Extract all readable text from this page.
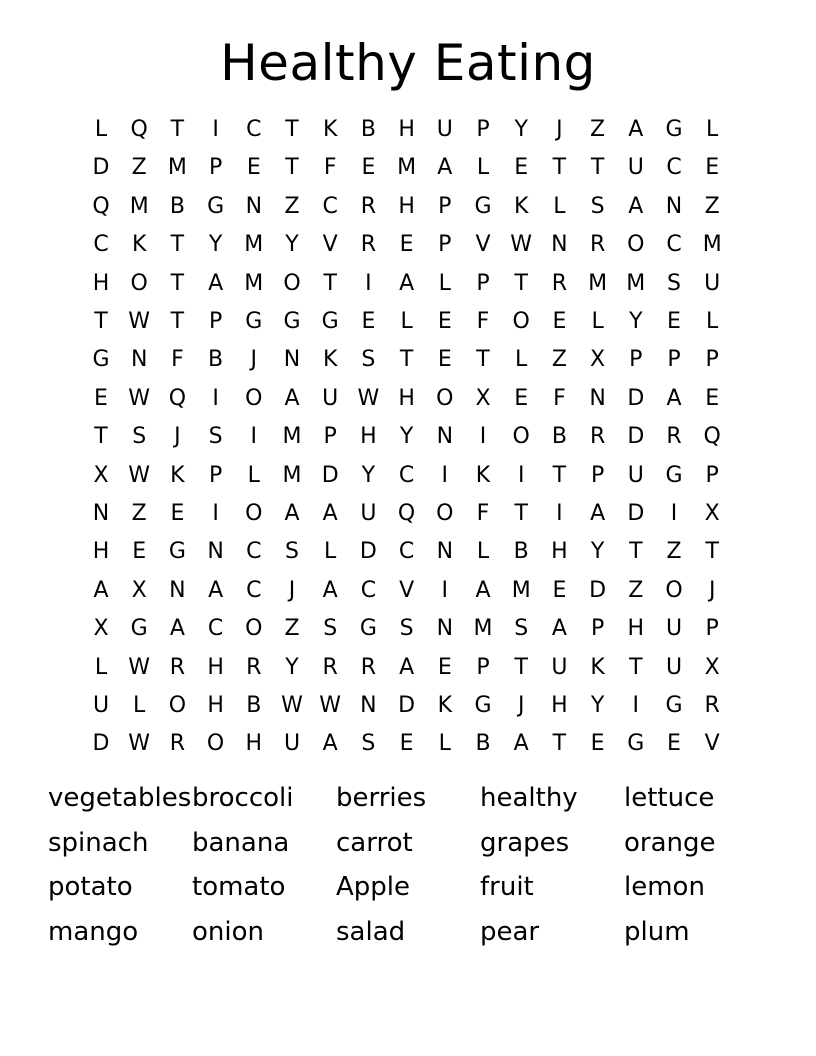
Healthy Eating
L	Q	T	I	C	T	K	B	H U	P	Y	J	Z	A	G	L
D	Z M	P	E	T	F	E M A	L	E	T	T	U	C	E
Q M B	G N	Z	C	R	H	P	G	K	L	S	A	N	Z
C	K	T	Y M Y	V	R	E	P	V W N	R O C M
H O	T	A M O	T	I	A	L	P	T	R M M S	U
T W T	P	G G G	E	L	E	F	O	E	L	Y	E	L
G N	F	B	J	N	K	S	T	E	T	L	Z	X	P	P	P
E W Q	I	O	A	U W H O	X	E	F	N D	A	E
T	S	J	S	I	M	P	H	Y	N	I	O	B	R	D	R Q
X W K	P	L	M D	Y	C	I	K	I	T	P	U G	P
N	Z	E	I	O	A	A	U Q O	F	T	I	A	D	I	X
H	E	G N	C	S	L	D	C	N	L	B	H	Y	T	Z	T
A	X	N	A	C	J	A	C	V	I	A M E	D	Z	O	J
X	G	A	C O	Z	S	G	S	N M S	A	P	H U	P
L W R	H	R	Y	R	R	A	E	P	T	U	K	T	U	X
U	L	O H	B W W N D	K	G	J	H	Y	I	G	R
D W R O H U	A	S	E	L	B	A	T	E	G	E	V
vegetables broccoli berries healthy lettuce
spinach banana carrot	grapes orange
potato tomato Apple	fruit	lemon
mango onion	salad	pear	plum
